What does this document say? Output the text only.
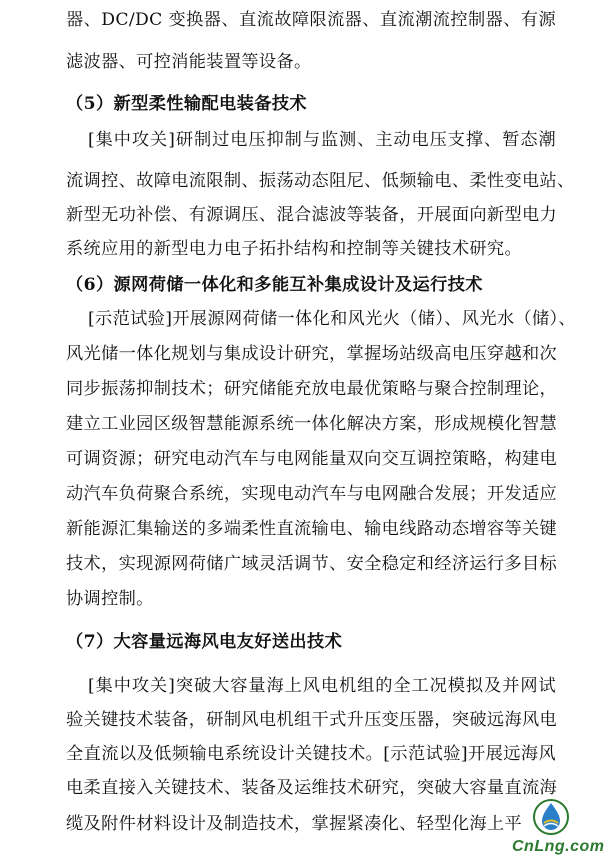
器、DC/DC 变换器、直流故障限流器、直流潮流控制器、有源
滤波器、可控消能装置等设备。
（5）新型柔性输配电装备技术
[集中攻关]研制过电压抑制与监测、主动电压支撑、暂态潮
流调控、故障电流限制、振荡动态阻尼、低频输电、柔性变电站、
新型无功补偿、有源调压、混合滤波等装备，开展面向新型电力
系统应用的新型电力电子拓扑结构和控制等关键技术研究。
（6）源网荷储一体化和多能互补集成设计及运行技术
[示范试验]开展源网荷储一体化和风光火（储）、风光水（储）、
风光储一体化规划与集成设计研究，掌握场站级高电压穿越和次
同步振荡抑制技术；研究储能充放电最优策略与聚合控制理论，
建立工业园区级智慧能源系统一体化解决方案，形成规模化智慧
可调资源；研究电动汽车与电网能量双向交互调控策略，构建电
动汽车负荷聚合系统，实现电动汽车与电网融合发展；开发适应
新能源汇集输送的多端柔性直流输电、输电线路动态增容等关键
技术，实现源网荷储广域灵活调节、安全稳定和经济运行多目标
协调控制。
（7）大容量远海风电友好送出技术
[集中攻关]突破大容量海上风电机组的全工况模拟及并网试
验关键技术装备，研制风电机组干式升压变压器，突破远海风电
全直流以及低频输电系统设计关键技术。[示范试验]开展远海风
电柔直接入关键技术、装备及运维技术研究，突破大容量直流海
缆及附件材料设计及制造技术，掌握紧凑化、轻型化海上平
CnLng.com
